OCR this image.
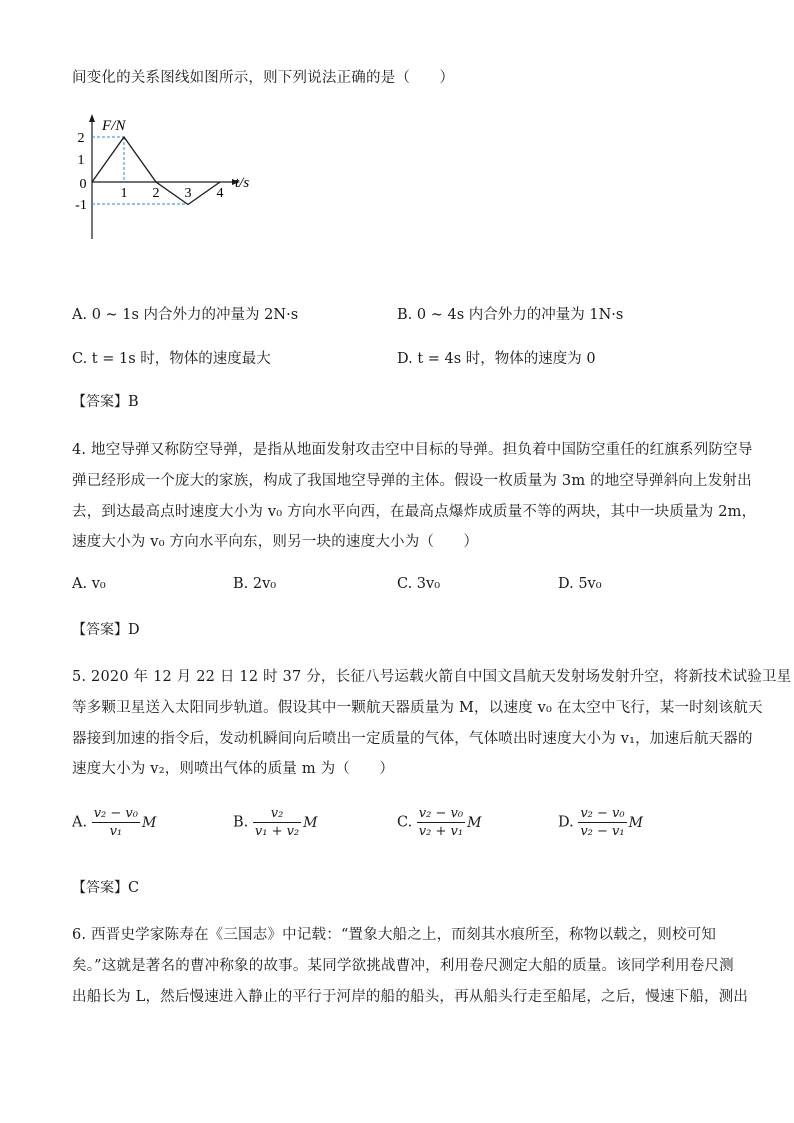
间变化的关系图线如图所示，则下列说法正确的是（　　）
2
1
0
-1
1 2 3 4
F/N
t/s
A. 0 ~ 1s 内合外力的冲量为 2N·s	B. 0 ~ 4s 内合外力的冲量为 1N·s
C. t = 1s 时，物体的速度最大	D. t = 4s 时，物体的速度为 0
【答案】B
4. 地空导弹又称防空导弹，是指从地面发射攻击空中目标的导弹。担负着中国防空重任的红旗系列防空导
弹已经形成一个庞大的家族，构成了我国地空导弹的主体。假设一枚质量为 3m 的地空导弹斜向上发射出
去，到达最高点时速度大小为 v₀ 方向水平向西，在最高点爆炸成质量不等的两块，其中一块质量为 2m，
速度大小为 v₀ 方向水平向东，则另一块的速度大小为（　　）
A. v₀	B. 2v₀	C. 3v₀	D. 5v₀
【答案】D
5. 2020 年 12 月 22 日 12 时 37 分，长征八号运载火箭自中国文昌航天发射场发射升空，将新技术试验卫星
等多颗卫星送入太阳同步轨道。假设其中一颗航天器质量为 M，以速度 v₀ 在太空中飞行，某一时刻该航天
器接到加速的指令后，发动机瞬间向后喷出一定质量的气体，气体喷出时速度大小为 v₁，加速后航天器的
速度大小为 v₂，则喷出气体的质量 m 为（　　）
A. $\frac{\text{v₂ − v₀}}{\text{v₁}}$ M	B. $\frac{\text{v₂}}{\text{v₁ + v₂}}$ M	C. $\frac{\text{v₂ − v₀}}{\text{v₂ + v₁}}$ M	D. $\frac{\text{v₂ − v₀}}{\text{v₂ − v₁}}$ M
【答案】C
6. 西晋史学家陈寿在《三国志》中记载：“置象大船之上，而刻其水痕所至，称物以载之，则校可知
矣。”这就是著名的曹冲称象的故事。某同学欲挑战曹冲，利用卷尺测定大船的质量。该同学利用卷尺测
出船长为 L，然后慢速进入静止的平行于河岸的船的船头，再从船头行走至船尾，之后，慢速下船，测出
